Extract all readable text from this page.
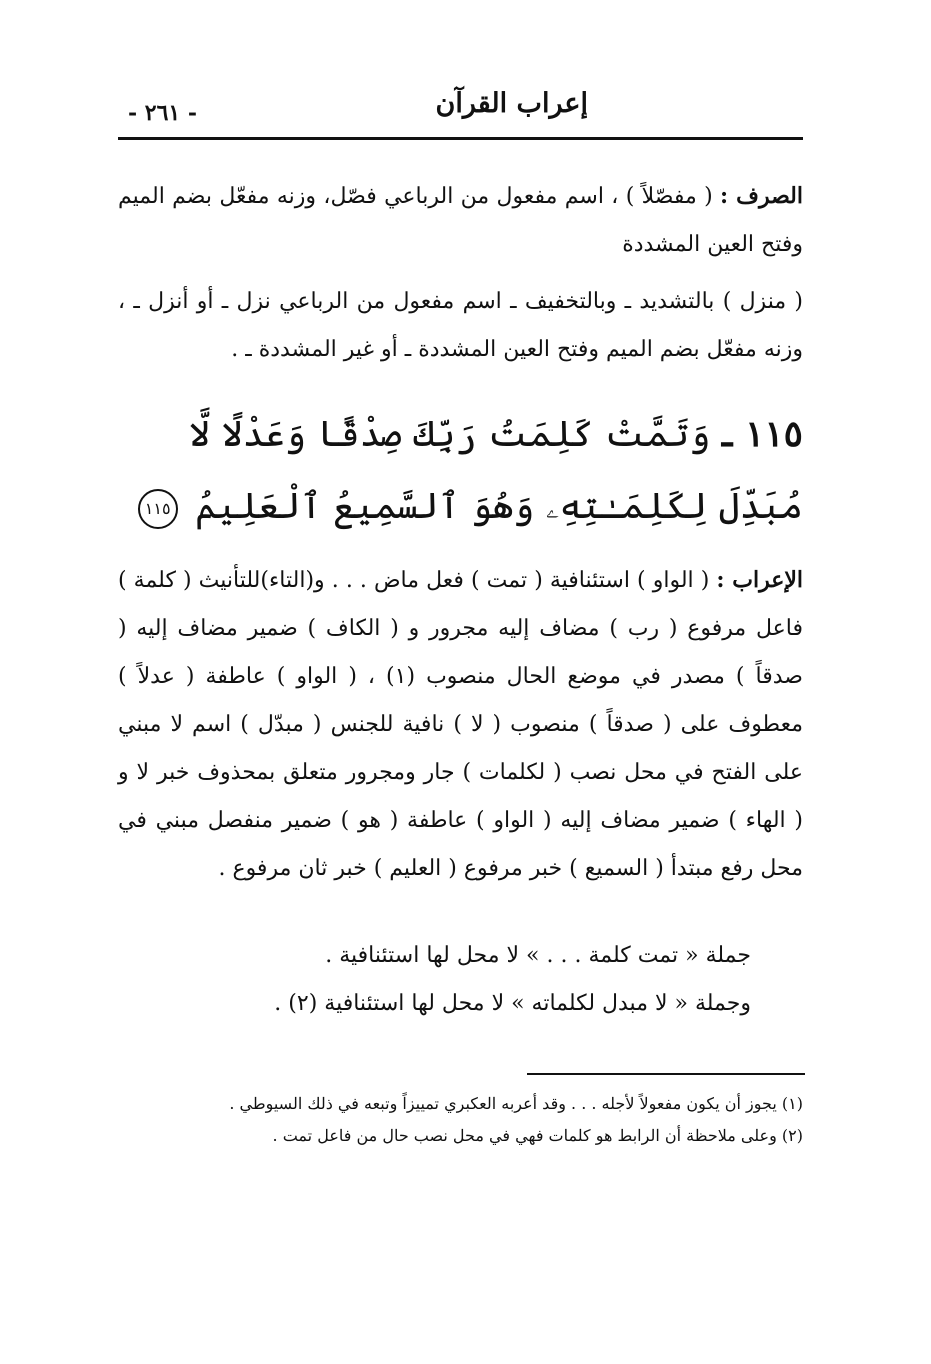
إعراب القرآن
- ٢٦١ -
الصرف : ( مفصّلاً ) ، اسم مفعول من الرباعي فصّل، وزنه مفعّل بضم الميم وفتح العين المشددة
( منزل ) بالتشديد ـ وبالتخفيف ـ اسم مفعول من الرباعي نزل ـ أو أنزل ـ ، وزنه مفعّل بضم الميم وفتح العين المشددة ـ أو غير المشددة ـ .
١١٥ ـ وَتَمَّتْ كَلِمَتُ رَبِّكَ صِدْقًا وَعَدْلًا لَّا مُبَدِّلَ لِكَلِمَـٰتِهِۦ وَهُوَ ٱلسَّمِيعُ ٱلْعَلِيمُ ١١٥
الإعراب : ( الواو ) استئنافية ( تمت ) فعل ماض . . . و(التاء)للتأنيث ( كلمة ) فاعل مرفوع ( رب ) مضاف إليه مجرور و ( الكاف ) ضمير مضاف إليه ( صدقاً ) مصدر في موضع الحال منصوب (١) ، ( الواو ) عاطفة ( عدلاً ) معطوف على ( صدقاً ) منصوب ( لا ) نافية للجنس ( مبدّل ) اسم لا مبني على الفتح في محل نصب ( لكلمات ) جار ومجرور متعلق بمحذوف خبر لا و ( الهاء ) ضمير مضاف إليه ( الواو ) عاطفة ( هو ) ضمير منفصل مبني في محل رفع مبتدأ ( السميع ) خبر مرفوع ( العليم ) خبر ثان مرفوع .
جملة « تمت كلمة . . . » لا محل لها استئنافية .
وجملة « لا مبدل لكلماته » لا محل لها استئنافية (٢) .
(١) يجوز أن يكون مفعولاً لأجله . . . وقد أعربه العكبري تمييزاً وتبعه في ذلك السيوطي .
(٢) وعلى ملاحظة أن الرابط هو كلمات فهي في محل نصب حال من فاعل تمت .
